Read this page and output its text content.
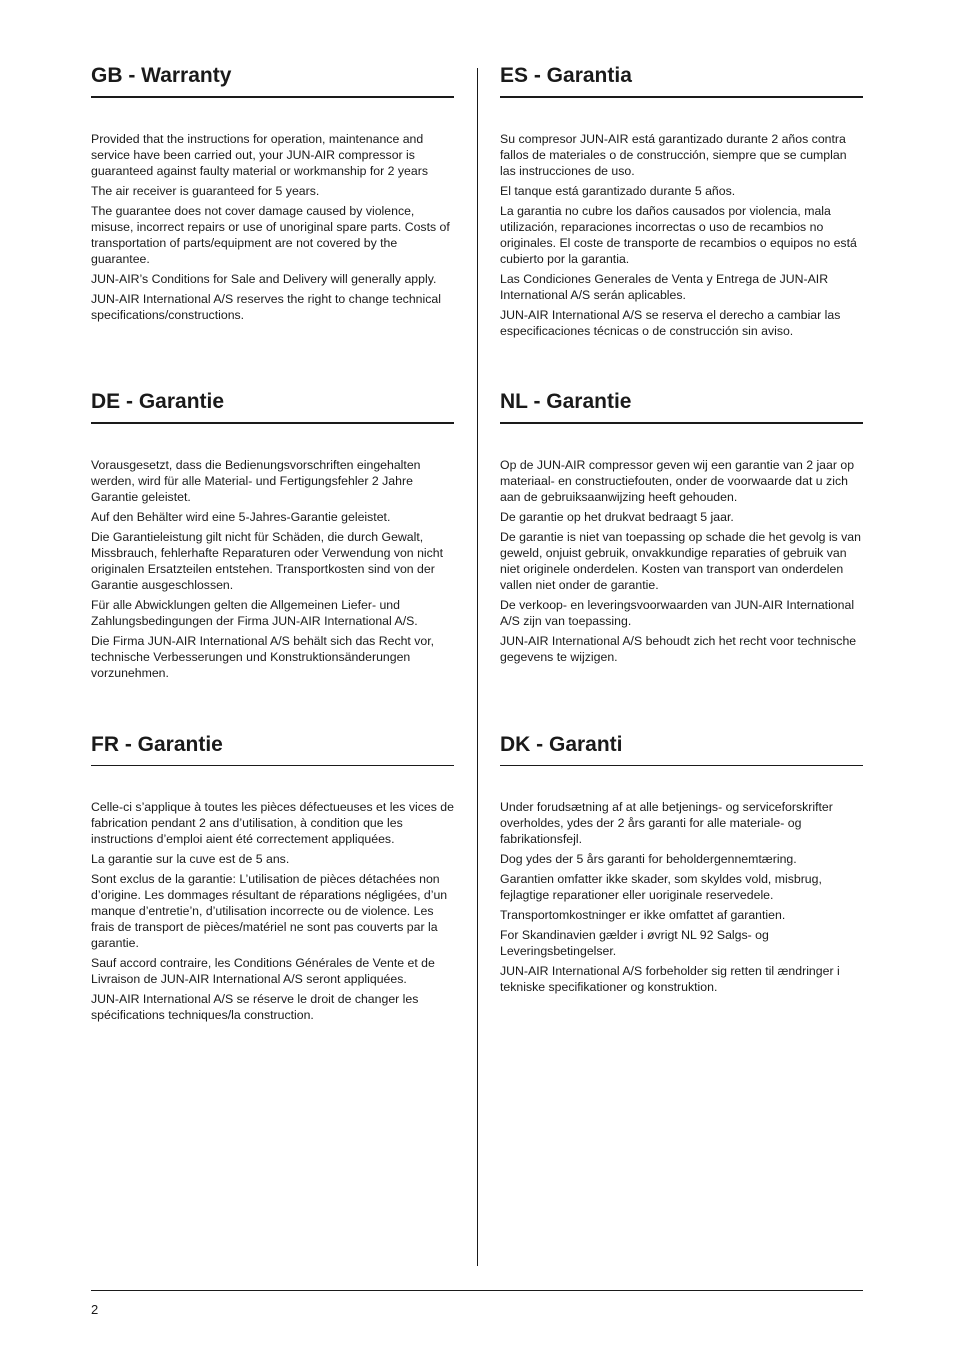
GB - Warranty

Provided that the instructions for operation, maintenance and service have been carried out, your JUN-AIR compressor is guaranteed against faulty material or workmanship for 2 years

The air receiver is guaranteed for 5 years.

The guarantee does not cover damage caused by violence, misuse, incorrect repairs or use of unoriginal spare parts. Costs of transportation of parts/equipment are not covered by the guarantee.

JUN-AIR’s Conditions for Sale and Delivery will generally apply.

JUN-AIR International A/S reserves the right to change technical specifications/constructions.

DE - Garantie

Vorausgesetzt, dass die Bedienungsvorschriften eingehalten werden, wird für alle Material- und Fertigungsfehler 2 Jahre Garantie geleistet.

Auf den Behälter wird eine 5-Jahres-Garantie geleistet.

Die Garantieleistung gilt nicht für Schäden, die durch Gewalt, Missbrauch, fehlerhafte Reparaturen oder Verwendung von nicht originalen Ersatzteilen entstehen. Transportkosten sind von der Garantie ausgeschlossen.

Für alle Abwicklungen gelten die Allgemeinen Liefer- und Zahlungsbedingungen der Firma JUN-AIR International A/S.

Die Firma JUN-AIR International A/S behält sich das Recht vor, technische Verbesserungen und Konstruktionsänderungen vorzunehmen.

FR - Garantie

Celle-ci s’applique à toutes les pièces défectueuses et les vices de fabrication pendant 2 ans d’utilisation, à condition que les instructions d’emploi aient été correctement appliquées.

La garantie sur la cuve est de 5 ans.

Sont exclus de la garantie: L’utilisation de pièces détachées non d’origine. Les dommages résultant de réparations négligées, d’un manque d’entretie’n, d’utilisation incorrecte ou de violence. Les frais de transport de pièces/matériel ne sont pas couverts par la garantie.

Sauf accord contraire, les Conditions Générales de Vente et de Livraison de JUN-AIR International A/S seront appliquées.

JUN-AIR International A/S se réserve le droit de changer les spécifications techniques/la construction.

ES - Garantia

Su compresor JUN-AIR está garantizado durante 2 años contra fallos de materiales o de construcción, siempre que se cumplan las instrucciones de uso.

El tanque está garantizado durante 5 años.

La garantia no cubre los daños causados por violencia, mala utilización, reparaciones incorrectas o uso de recambios no originales. El coste de transporte de recambios o equipos no está cubierto por la garantia.

Las Condiciones Generales de Venta y Entrega de JUN-AIR International A/S serán aplicables.

JUN-AIR International A/S se reserva el derecho a cambiar las especificaciones técnicas o de construcción sin aviso.

NL - Garantie

Op de JUN-AIR compressor geven wij een garantie van 2 jaar op materiaal- en constructiefouten, onder de voorwaarde dat u zich aan de gebruiksaanwijzing heeft gehouden.

De garantie op het drukvat bedraagt 5 jaar.

De garantie is niet van toepassing op schade die het gevolg is van geweld, onjuist gebruik, onvakkundige reparaties of gebruik van niet originele onderdelen. Kosten van transport van onderdelen vallen niet onder de garantie.

De verkoop- en leveringsvoorwaarden van JUN-AIR International A/S zijn van toepassing.

JUN-AIR International A/S behoudt zich het recht voor technische gegevens te wijzigen.

DK - Garanti

Under forudsætning af at alle betjenings- og serviceforskrifter overholdes, ydes der 2 års garanti for alle materiale- og fabrikationsfejl.

Dog ydes der 5 års garanti for beholdergennemtæring.

Garantien omfatter ikke skader, som skyldes vold, misbrug, fejlagtige reparationer eller uoriginale reservedele.

Transportomkostninger er ikke omfattet af garantien.

For Skandinavien gælder i øvrigt NL 92 Salgs- og Leveringsbetingelser.

JUN-AIR International A/S forbeholder sig retten til ændringer i tekniske specifikationer og konstruktion.

2
